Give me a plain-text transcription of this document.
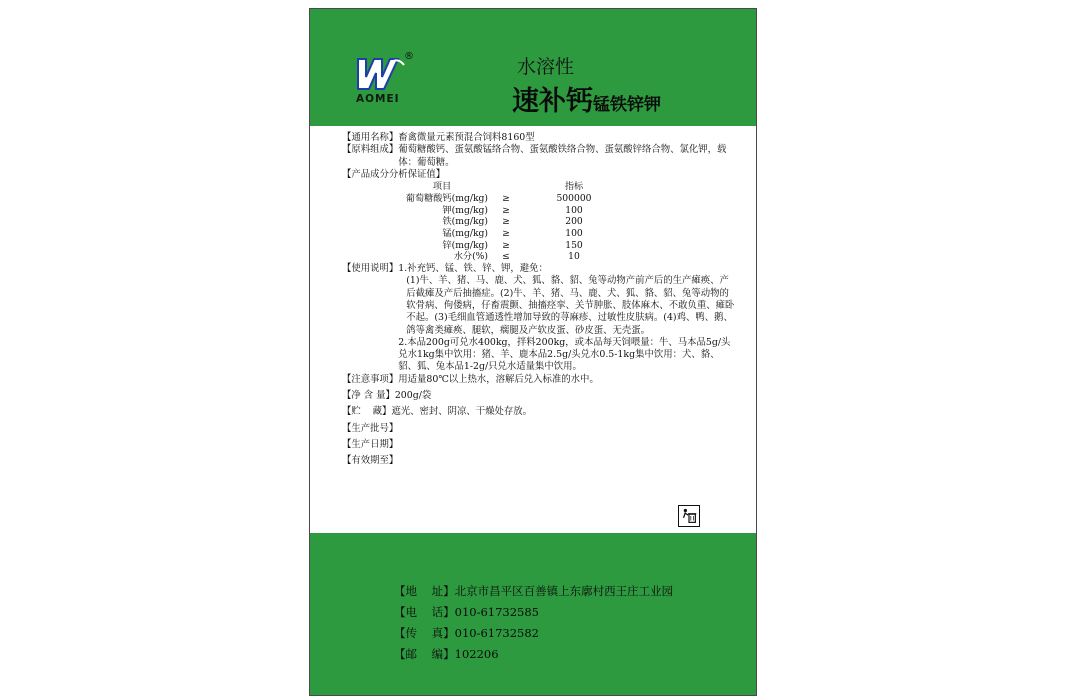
®
AOMEI
水溶性
速补钙锰铁锌钾
【通用名称】 畜禽微量元素预混合饲料8160型
【原料组成】 葡萄糖酸钙、蛋氨酸锰络合物、蛋氨酸铁络合物、蛋氨酸锌络合物、氯化钾，载体：葡萄糖。
【产品成分分析保证值】
项目		指标
葡萄糖酸钙(mg/kg)	≥	500000
钾(mg/kg)	≥	100
铁(mg/kg)	≥	200
锰(mg/kg)	≥	100
锌(mg/kg)	≥	150
水分(%)	≤	10
【使用说明】 1.补充钙、锰、铁、锌、钾，避免：
(1)牛、羊、猪、马、鹿、犬、狐、貉、貂、兔等动物产前产后的生产瘫痪、产后截瘫及产后抽搐症。(2)牛、羊、猪、马、鹿、犬、狐、貉、貂、兔等动物的软骨病、佝偻病，仔畜震颤、抽搐痉挛、关节肿胀、肢体麻木、不敢负重、瘫卧不起。(3)毛细血管通透性增加导致的荨麻疹、过敏性皮肤病。(4)鸡、鸭、鹅、鸽等禽类瘫痪、腿软，瘸腿及产软皮蛋、砂皮蛋、无壳蛋。
2.本品200g可兑水400kg，拌料200kg，或本品每天饲喂量：牛、马本品5g/头兑水1kg集中饮用：猪、羊、鹿本品2.5g/头兑水0.5-1kg集中饮用：犬、貉、貂、狐、兔本品1-2g/只兑水适量集中饮用。
【注意事项】 用适量80℃以上热水，溶解后兑入标准的水中。
【净 含 量】 200g/袋
【贮    藏】 遮光、密封、阴凉、干燥处存放。
【生产批号】
【生产日期】
【有效期至】
【地    址】 北京市昌平区百善镇上东廓村西王庄工业园
【电    话】 010-61732585
【传    真】 010-61732582
【邮    编】 102206
